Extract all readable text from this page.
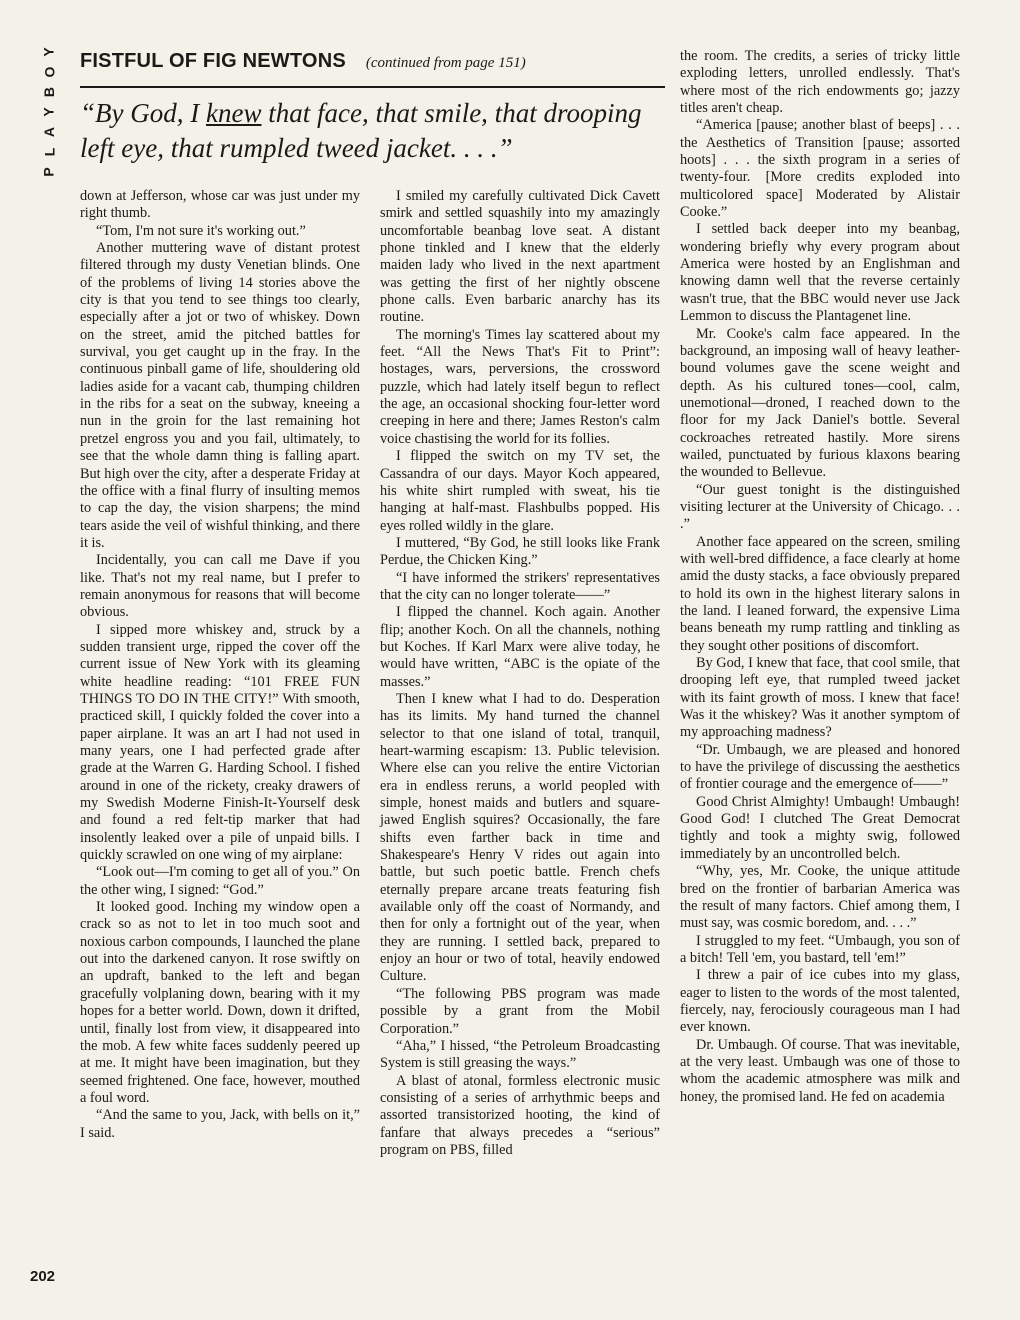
Y
O
B
Y
A
L
P
FISTFUL OF FIG NEWTONS (continued from page 151)
“By God, I knew that face, that smile, that drooping left eye, that rumpled tweed jacket. . . .”

down at Jefferson, whose car was just under my right thumb.

“Tom, I'm not sure it's working out.”

Another muttering wave of distant protest filtered through my dusty Venetian blinds. One of the problems of living 14 stories above the city is that you tend to see things too clearly, especially after a jot or two of whiskey. Down on the street, amid the pitched battles for survival, you get caught up in the fray. In the continuous pinball game of life, shouldering old ladies aside for a vacant cab, thumping children in the ribs for a seat on the subway, kneeing a nun in the groin for the last remaining hot pretzel engross you and you fail, ultimately, to see that the whole damn thing is falling apart. But high over the city, after a desperate Friday at the office with a final flurry of insulting memos to cap the day, the vision sharpens; the mind tears aside the veil of wishful thinking, and there it is.

Incidentally, you can call me Dave if you like. That's not my real name, but I prefer to remain anonymous for reasons that will become obvious.

I sipped more whiskey and, struck by a sudden transient urge, ripped the cover off the current issue of New York with its gleaming white headline reading: “101 FREE FUN THINGS TO DO IN THE CITY!” With smooth, practiced skill, I quickly folded the cover into a paper airplane. It was an art I had not used in many years, one I had perfected grade after grade at the Warren G. Harding School. I fished around in one of the rickety, creaky drawers of my Swedish Moderne Finish-It-Yourself desk and found a red felt-tip marker that had insolently leaked over a pile of unpaid bills. I quickly scrawled on one wing of my airplane:

“Look out—I'm coming to get all of you.” On the other wing, I signed: “God.”

It looked good. Inching my window open a crack so as not to let in too much soot and noxious carbon compounds, I launched the plane out into the darkened canyon. It rose swiftly on an updraft, banked to the left and began gracefully volplaning down, bearing with it my hopes for a better world. Down, down it drifted, until, finally lost from view, it disappeared into the mob. A few white faces suddenly peered up at me. It might have been imagination, but they seemed frightened. One face, however, mouthed a foul word.

“And the same to you, Jack, with bells on it,” I said.

I smiled my carefully cultivated Dick Cavett smirk and settled squashily into my amazingly uncomfortable beanbag love seat. A distant phone tinkled and I knew that the elderly maiden lady who lived in the next apartment was getting the first of her nightly obscene phone calls. Even barbaric anarchy has its routine.

The morning's Times lay scattered about my feet. “All the News That's Fit to Print”: hostages, wars, perversions, the crossword puzzle, which had lately itself begun to reflect the age, an occasional shocking four-letter word creeping in here and there; James Reston's calm voice chastising the world for its follies.

I flipped the switch on my TV set, the Cassandra of our days. Mayor Koch appeared, his white shirt rumpled with sweat, his tie hanging at half-mast. Flashbulbs popped. His eyes rolled wildly in the glare.

I muttered, “By God, he still looks like Frank Perdue, the Chicken King.”

“I have informed the strikers' representatives that the city can no longer tolerate——”

I flipped the channel. Koch again. Another flip; another Koch. On all the channels, nothing but Koches. If Karl Marx were alive today, he would have written, “ABC is the opiate of the masses.”

Then I knew what I had to do. Desperation has its limits. My hand turned the channel selector to that one island of total, tranquil, heart-warming escapism: 13. Public television. Where else can you relive the entire Victorian era in endless reruns, a world peopled with simple, honest maids and butlers and square-jawed English squires? Occasionally, the fare shifts even farther back in time and Shakespeare's Henry V rides out again into battle, but such poetic battle. French chefs eternally prepare arcane treats featuring fish available only off the coast of Normandy, and then for only a fortnight out of the year, when they are running. I settled back, prepared to enjoy an hour or two of total, heavily endowed Culture.

“The following PBS program was made possible by a grant from the Mobil Corporation.”

“Aha,” I hissed, “the Petroleum Broadcasting System is still greasing the ways.”

A blast of atonal, formless electronic music consisting of a series of arrhythmic beeps and assorted transistorized hooting, the kind of fanfare that always precedes a “serious” program on PBS, filled

the room. The credits, a series of tricky little exploding letters, unrolled endlessly. That's where most of the rich endowments go; jazzy titles aren't cheap.

“America [pause; another blast of beeps] . . . the Aesthetics of Transition [pause; assorted hoots] . . . the sixth program in a series of twenty-four. [More credits exploded into multicolored space] Moderated by Alistair Cooke.”

I settled back deeper into my beanbag, wondering briefly why every program about America were hosted by an Englishman and knowing damn well that the reverse certainly wasn't true, that the BBC would never use Jack Lemmon to discuss the Plantagenet line.

Mr. Cooke's calm face appeared. In the background, an imposing wall of heavy leather-bound volumes gave the scene weight and depth. As his cultured tones—cool, calm, unemotional—droned, I reached down to the floor for my Jack Daniel's bottle. Several cockroaches retreated hastily. More sirens wailed, punctuated by furious klaxons bearing the wounded to Bellevue.

“Our guest tonight is the distinguished visiting lecturer at the University of Chicago. . . .”

Another face appeared on the screen, smiling with well-bred diffidence, a face clearly at home amid the dusty stacks, a face obviously prepared to hold its own in the highest literary salons in the land. I leaned forward, the expensive Lima beans beneath my rump rattling and tinkling as they sought other positions of discomfort.

By God, I knew that face, that cool smile, that drooping left eye, that rumpled tweed jacket with its faint growth of moss. I knew that face! Was it the whiskey? Was it another symptom of my approaching madness?

“Dr. Umbaugh, we are pleased and honored to have the privilege of discussing the aesthetics of frontier courage and the emergence of——”

Good Christ Almighty! Umbaugh! Umbaugh! Good God! I clutched The Great Democrat tightly and took a mighty swig, followed immediately by an uncontrolled belch.

“Why, yes, Mr. Cooke, the unique attitude bred on the frontier of barbarian America was the result of many factors. Chief among them, I must say, was cosmic boredom, and. . . .”

I struggled to my feet. “Umbaugh, you son of a bitch! Tell 'em, you bastard, tell 'em!”

I threw a pair of ice cubes into my glass, eager to listen to the words of the most talented, fiercely, nay, ferociously courageous man I had ever known.

Dr. Umbaugh. Of course. That was inevitable, at the very least. Umbaugh was one of those to whom the academic atmosphere was milk and honey, the promised land. He fed on academia

202
